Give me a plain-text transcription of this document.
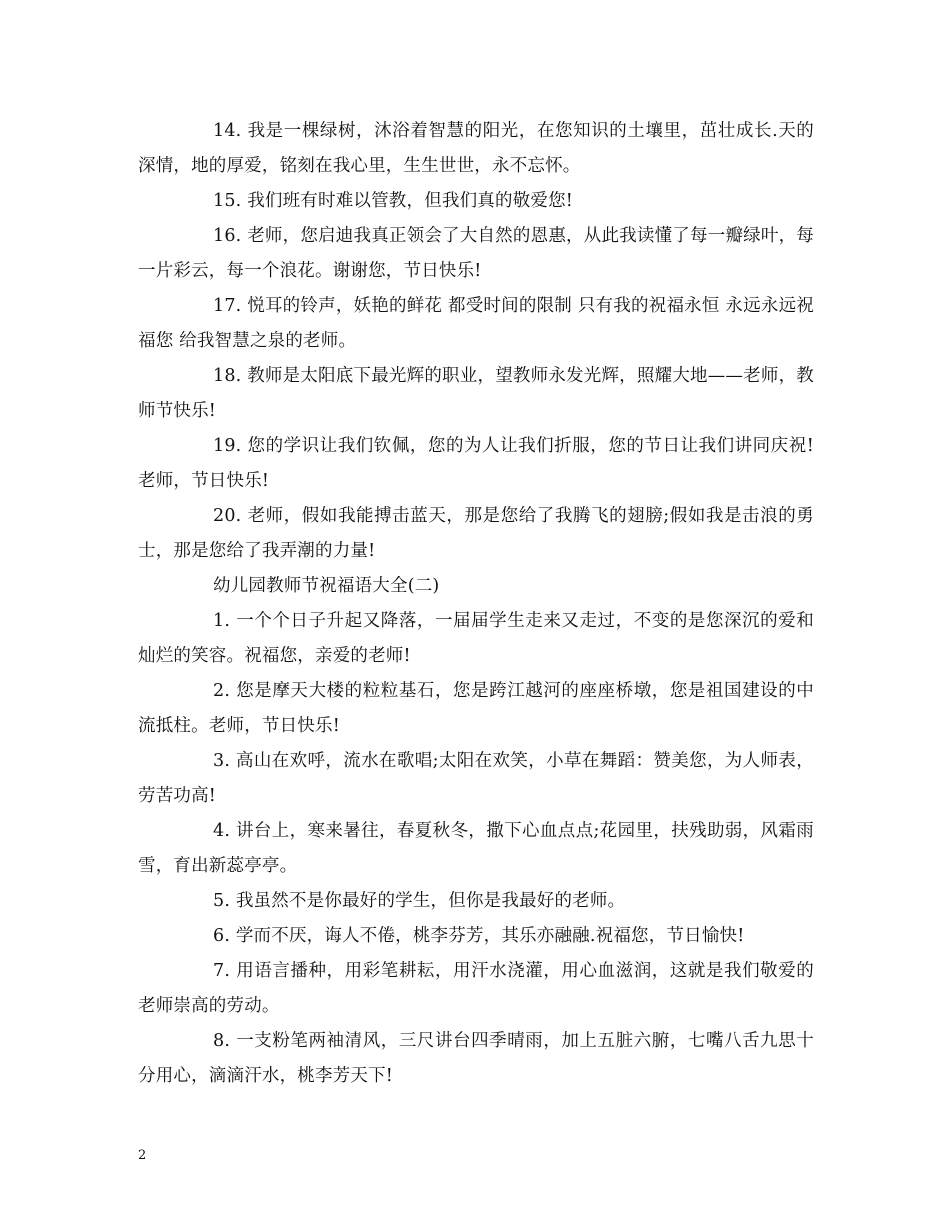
14. 我是一棵绿树，沐浴着智慧的阳光，在您知识的土壤里，茁壮成长.天的深情，地的厚爱，铭刻在我心里，生生世世，永不忘怀。

15. 我们班有时难以管教，但我们真的敬爱您!

16. 老师，您启迪我真正领会了大自然的恩惠，从此我读懂了每一瓣绿叶，每一片彩云，每一个浪花。谢谢您，节日快乐!

17. 悦耳的铃声，妖艳的鲜花 都受时间的限制 只有我的祝福永恒 永远永远祝福您 给我智慧之泉的老师。

18. 教师是太阳底下最光辉的职业，望教师永发光辉，照耀大地——老师，教师节快乐!

19. 您的学识让我们钦佩，您的为人让我们折服，您的节日让我们讲同庆祝!老师，节日快乐!

20. 老师，假如我能搏击蓝天，那是您给了我腾飞的翅膀;假如我是击浪的勇士，那是您给了我弄潮的力量!

幼儿园教师节祝福语大全(二)

1. 一个个日子升起又降落，一届届学生走来又走过，不变的是您深沉的爱和灿烂的笑容。祝福您，亲爱的老师!

2. 您是摩天大楼的粒粒基石，您是跨江越河的座座桥墩，您是祖国建设的中流抵柱。老师，节日快乐!

3. 高山在欢呼，流水在歌唱;太阳在欢笑，小草在舞蹈：赞美您，为人师表，劳苦功高!

4. 讲台上，寒来暑往，春夏秋冬，撒下心血点点;花园里，扶残助弱，风霜雨雪，育出新蕊亭亭。

5. 我虽然不是你最好的学生，但你是我最好的老师。

6. 学而不厌，诲人不倦，桃李芬芳，其乐亦融融.祝福您，节日愉快!

7. 用语言播种，用彩笔耕耘，用汗水浇灌，用心血滋润，这就是我们敬爱的老师崇高的劳动。

8. 一支粉笔两袖清风，三尺讲台四季晴雨，加上五脏六腑，七嘴八舌九思十分用心，滴滴汗水，桃李芳天下!

2
